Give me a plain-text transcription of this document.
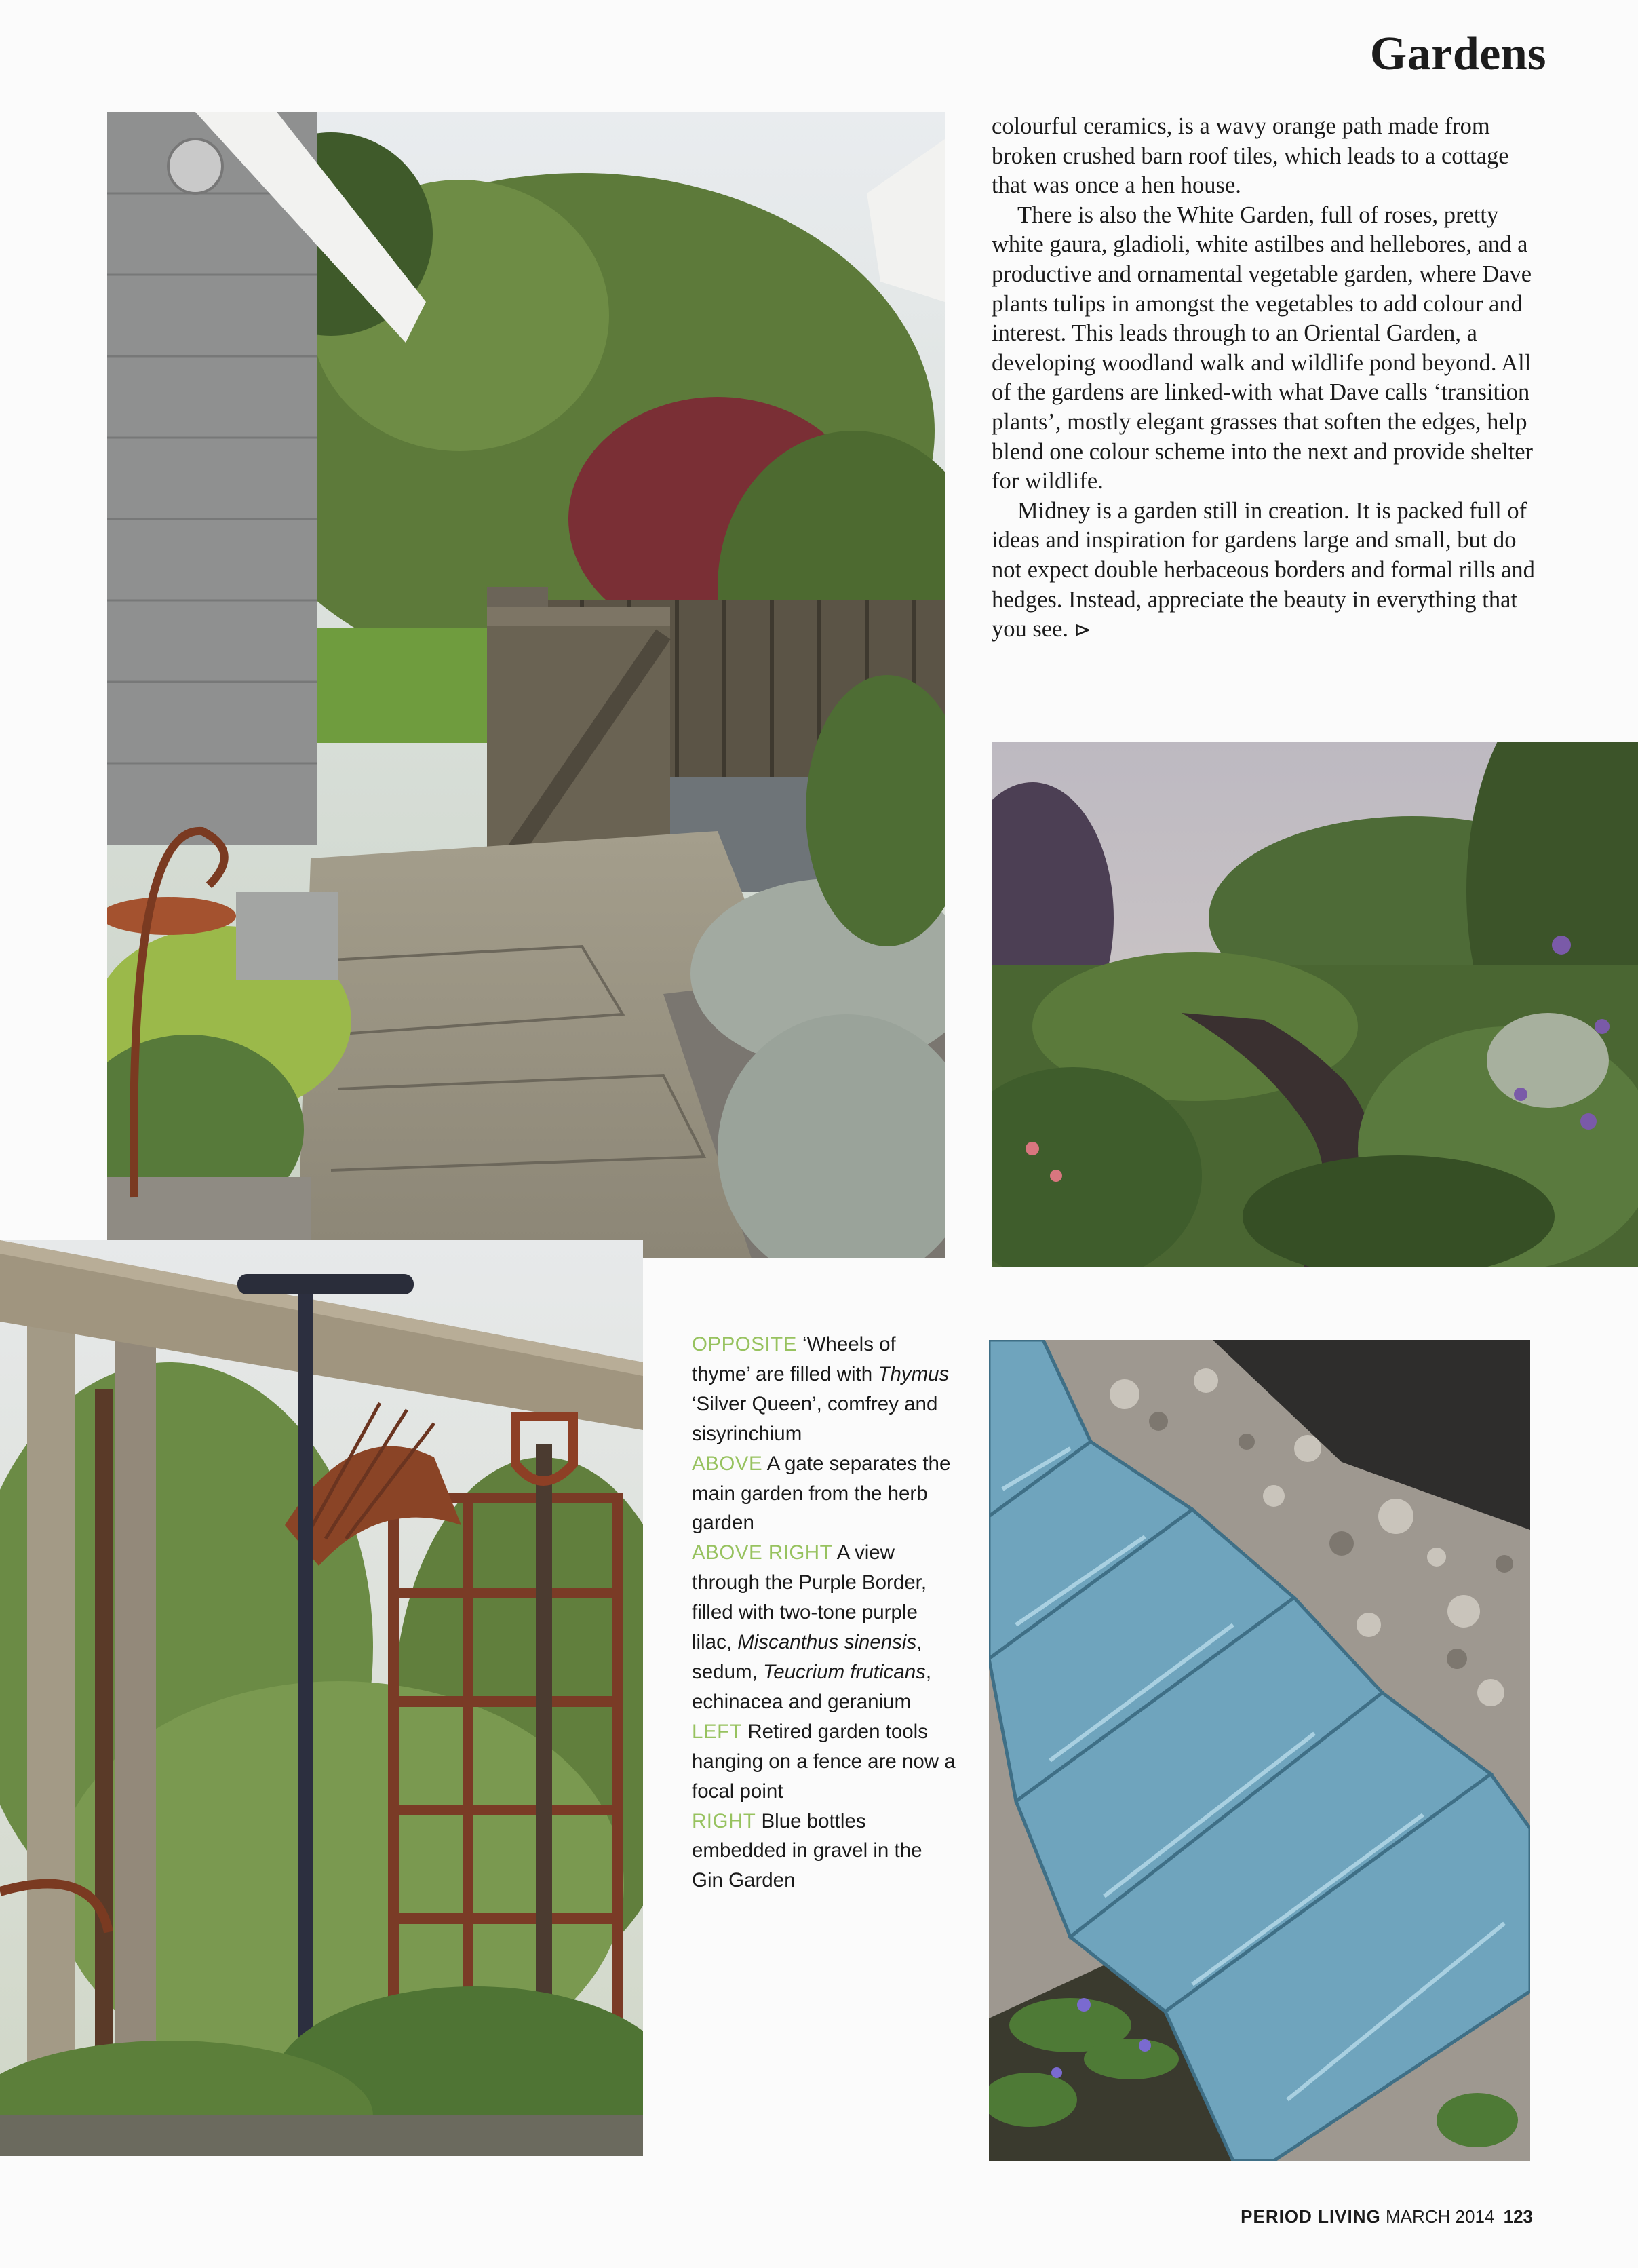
Gardens

colourful ceramics, is a wavy orange path made from broken crushed barn roof tiles, which leads to a cottage that was once a hen house.

There is also the White Garden, full of roses, pretty white gaura, gladioli, white astilbes and hellebores, and a productive and ornamental vegetable garden, where Dave plants tulips in amongst the vegetables to add colour and interest. This leads through to an Oriental Garden, a developing woodland walk and wildlife pond beyond. All of the gardens are linked-with what Dave calls ‘transition plants’, mostly elegant grasses that soften the edges, help blend one colour scheme into the next and provide shelter for wildlife.

Midney is a garden still in creation. It is packed full of ideas and inspiration for gardens large and small, but do not expect double herbaceous borders and formal rills and hedges. Instead, appreciate the beauty in everything that you see. ⊳

OPPOSITE ‘Wheels of thyme’ are filled with Thymus ‘Silver Queen’, comfrey and sisyrinchium
ABOVE A gate separates the main garden from the herb garden
ABOVE RIGHT A view through the Purple Border, filled with two-tone purple lilac, Miscanthus sinensis, sedum, Teucrium fruticans, echinacea and geranium
LEFT Retired garden tools hanging on a fence are now a focal point
RIGHT Blue bottles embedded in gravel in the Gin Garden
PERIOD LIVING MARCH 2014 123
